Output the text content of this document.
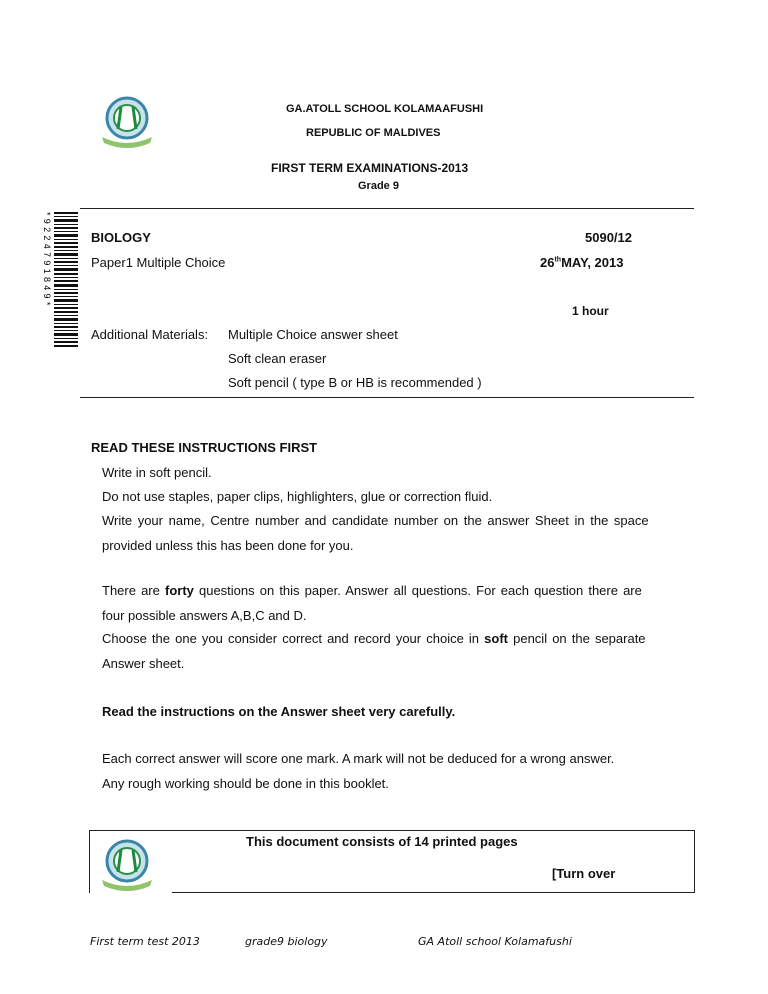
GA.ATOLL SCHOOL KOLAMAAFUSHI
REPUBLIC OF MALDIVES
FIRST TERM EXAMINATIONS-2013
Grade 9
*9224791849*	BIOLOGY	5090/12
Paper1 Multiple Choice	26thMAY, 2013
1 hour
Additional Materials: Multiple Choice answer sheet
Soft clean eraser
Soft pencil ( type B or HB is recommended )
READ THESE INSTRUCTIONS FIRST
Write in soft pencil.
Do not use staples, paper clips, highlighters, glue or correction fluid.
Write your name, Centre number and candidate number on the answer Sheet in the space
provided unless this has been done for you.
There are forty questions on this paper. Answer all questions. For each question there are
four possible answers A,B,C and D.
Choose the one you consider correct and record your choice in soft pencil on the separate
Answer sheet.
Read the instructions on the Answer sheet very carefully.
Each correct answer will score one mark. A mark will not be deduced for a wrong answer.
Any rough working should be done in this booklet.
This document consists of 14 printed pages
[Turn over
First term test 2013	grade9 biology	GA Atoll school Kolamafushi
